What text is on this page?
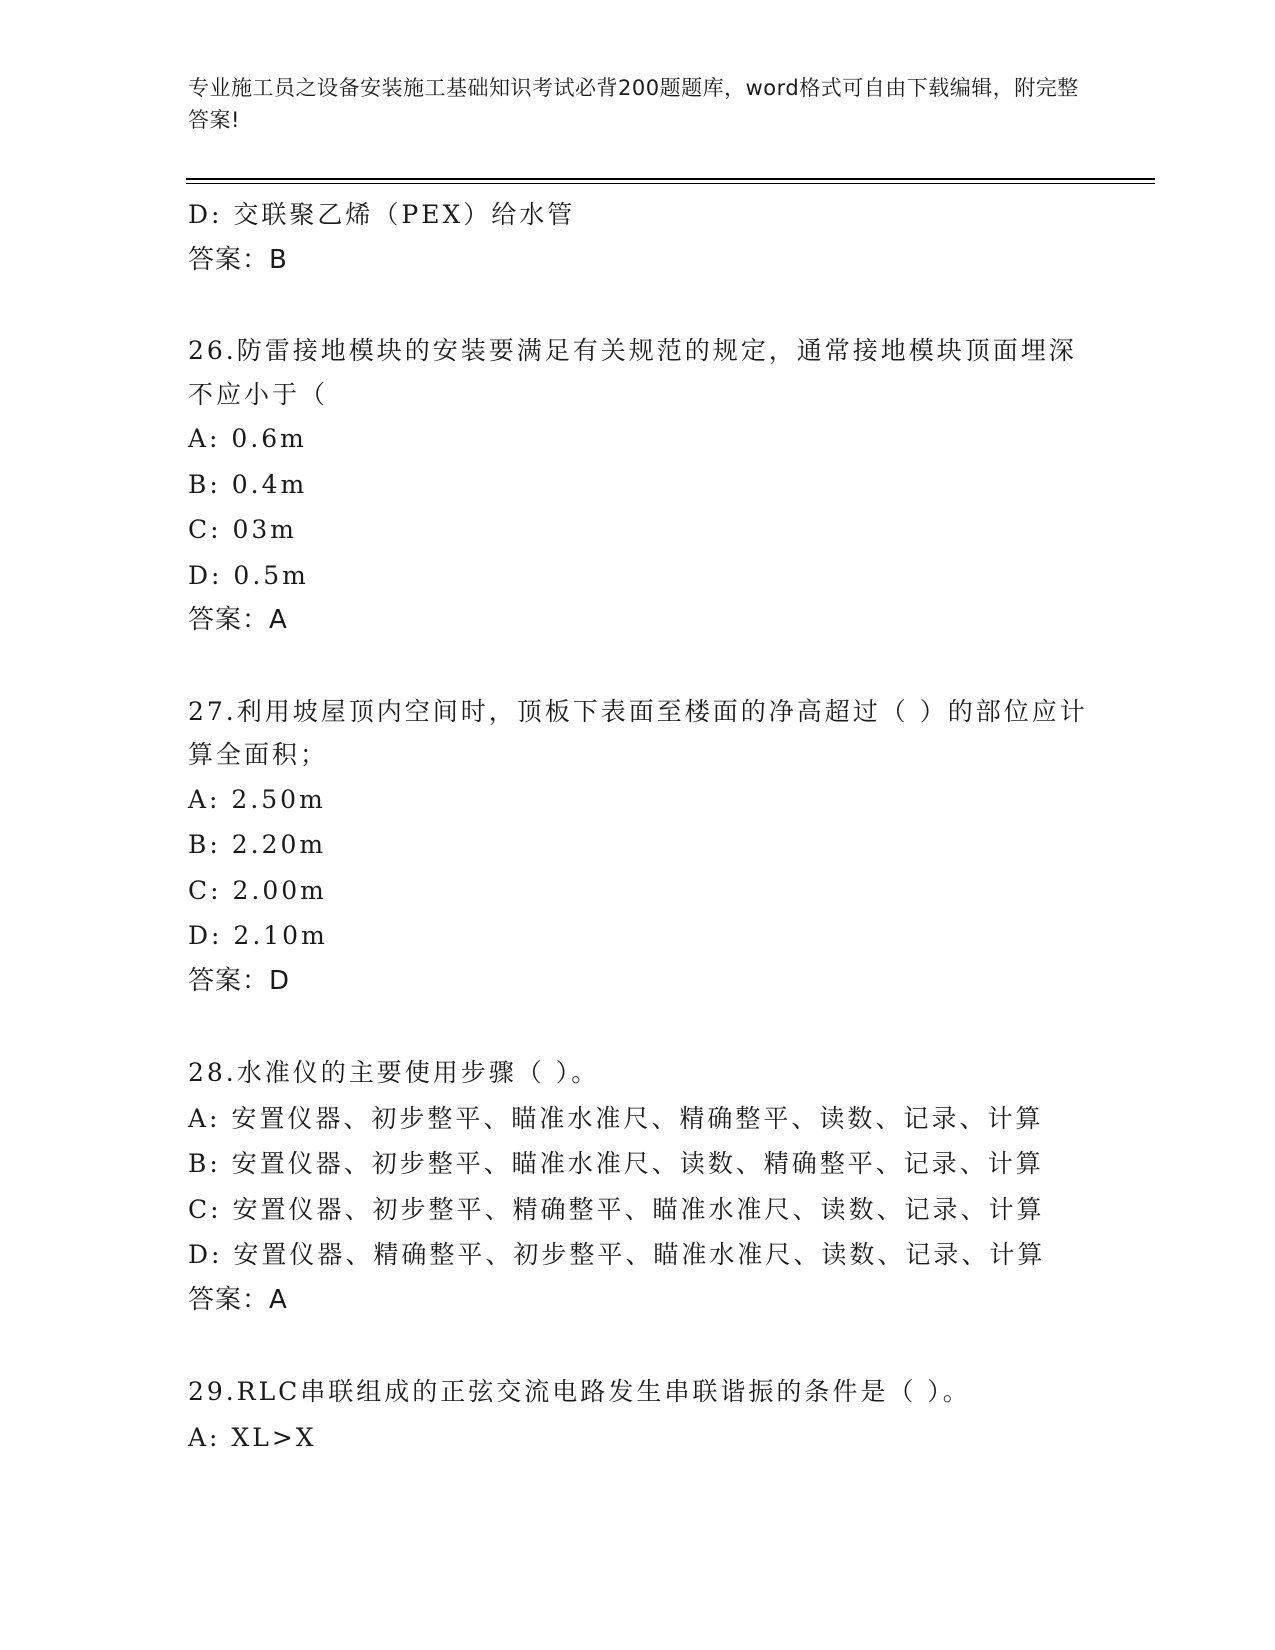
专业施工员之设备安装施工基础知识考试必背200题题库，word格式可自由下载编辑，附完整答案!
D: 交联聚乙烯（PEX）给水管
答案：B
26.防雷接地模块的安装要满足有关规范的规定，通常接地模块顶面埋深不应小于（
A: 0.6m
B: 0.4m
C: 03m
D: 0.5m
答案：A
27.利用坡屋顶内空间时，顶板下表面至楼面的净高超过（ ）的部位应计算全面积；
A: 2.50m
B: 2.20m
C: 2.00m
D: 2.10m
答案：D
28.水准仪的主要使用步骤（ ）。
A: 安置仪器、初步整平、瞄准水准尺、精确整平、读数、记录、计算
B: 安置仪器、初步整平、瞄准水准尺、读数、精确整平、记录、计算
C: 安置仪器、初步整平、精确整平、瞄准水准尺、读数、记录、计算
D: 安置仪器、精确整平、初步整平、瞄准水准尺、读数、记录、计算
答案：A
29.RLC串联组成的正弦交流电路发生串联谐振的条件是（ ）。
A: XL>X
